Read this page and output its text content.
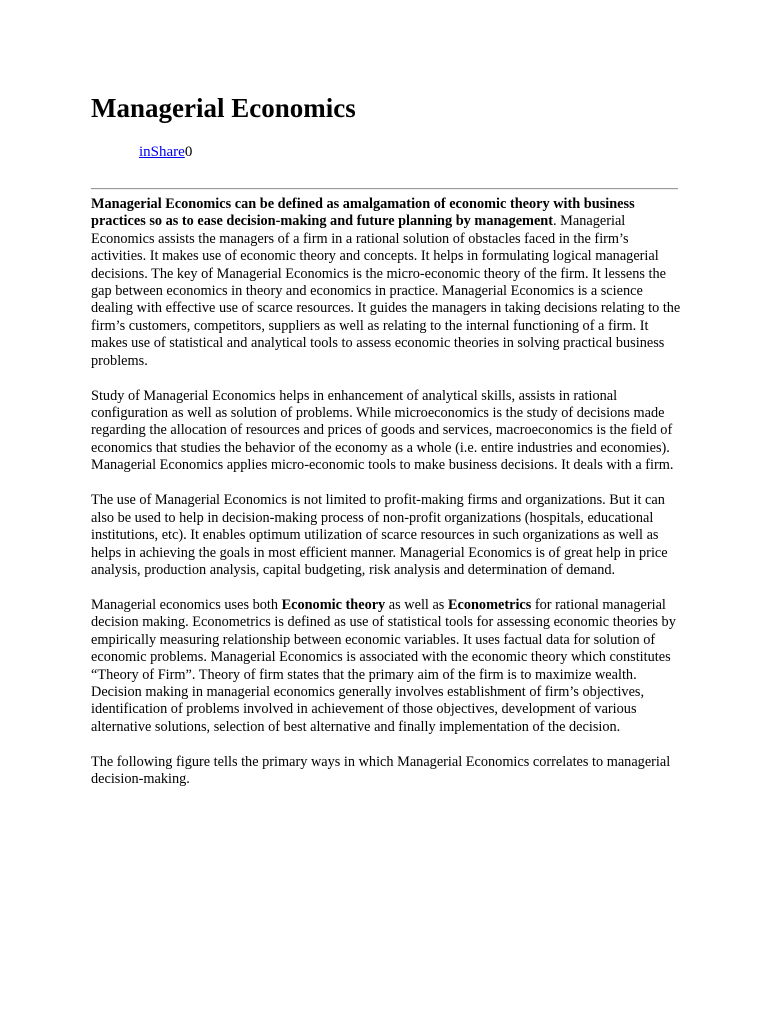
Managerial Economics
inShare0

Managerial Economics can be defined as amalgamation of economic theory with business practices so as to ease decision-making and future planning by management. Managerial Economics assists the managers of a firm in a rational solution of obstacles faced in the firm’s activities. It makes use of economic theory and concepts. It helps in formulating logical managerial decisions. The key of Managerial Economics is the micro-economic theory of the firm. It lessens the gap between economics in theory and economics in practice. Managerial Economics is a science dealing with effective use of scarce resources. It guides the managers in taking decisions relating to the firm’s customers, competitors, suppliers as well as relating to the internal functioning of a firm. It makes use of statistical and analytical tools to assess economic theories in solving practical business problems.

Study of Managerial Economics helps in enhancement of analytical skills, assists in rational configuration as well as solution of problems. While microeconomics is the study of decisions made regarding the allocation of resources and prices of goods and services, macroeconomics is the field of economics that studies the behavior of the economy as a whole (i.e. entire industries and economies). Managerial Economics applies micro-economic tools to make business decisions. It deals with a firm.

The use of Managerial Economics is not limited to profit-making firms and organizations. But it can also be used to help in decision-making process of non-profit organizations (hospitals, educational institutions, etc). It enables optimum utilization of scarce resources in such organizations as well as helps in achieving the goals in most efficient manner. Managerial Economics is of great help in price analysis, production analysis, capital budgeting, risk analysis and determination of demand.

Managerial economics uses both Economic theory as well as Econometrics for rational managerial decision making. Econometrics is defined as use of statistical tools for assessing economic theories by empirically measuring relationship between economic variables. It uses factual data for solution of economic problems. Managerial Economics is associated with the economic theory which constitutes “Theory of Firm”. Theory of firm states that the primary aim of the firm is to maximize wealth. Decision making in managerial economics generally involves establishment of firm’s objectives, identification of problems involved in achievement of those objectives, development of various alternative solutions, selection of best alternative and finally implementation of the decision.

The following figure tells the primary ways in which Managerial Economics correlates to managerial decision-making.
